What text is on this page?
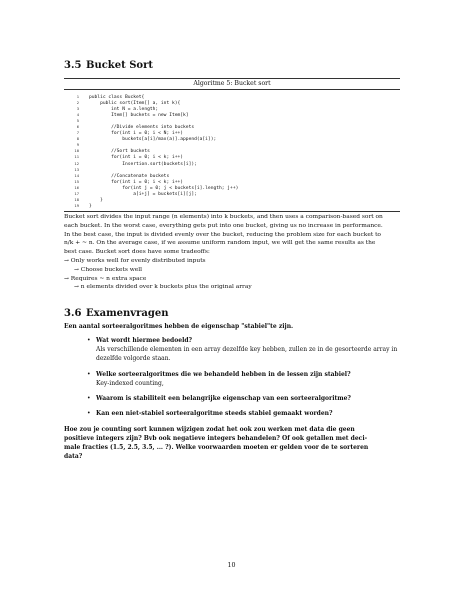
3.5 Bucket Sort
Algoritme 5: Bucket sort
1 public class Bucket{
2    public sort(Item[] a, int k){
3        int N = a.length;
4        Item[] buckets = new Item[k]
5
6        //Divide elements into buckets
7        for(int i = 0; i < N; i++)
8            buckets[a[i]/max(a)].append(a[i]);
9
10        //Sort buckets
11        for(int i = 0; i < k; i++)
12            Insertion.sort(buckets[i]);
13
14        //Concatenate buckets
15        for(int i = 0; i < k; i++)
16            for(int j = 0; j < buckets[i].length; j++)
17                a[i+j] = buckets[i][j];
18    }
19 }
Bucket sort divides the input range (n elements) into k buckets, and then uses a comparison-based sort on
each bucket. In the worst case, everything gets put into one bucket, giving us no increase in performance.
In the best case, the input is divided evenly over the bucket, reducing the problem size for each bucket to
n/k + ~ n. On the average case, if we assume uniform random input, we will get the same results as the
best case. Bucket sort does have some tradeoffs:
→ Only works well for evenly distributed inputs
→ Choose buckets well
→ Requires ~ n extra space
→ n elements divided over k buckets plus the original array
3.6 Examenvragen
Een aantal sorteeralgoritmes hebben de eigenschap "stabiel"te zijn.
• Wat wordt hiermee bedoeld?
Als verschillende elementen in een array dezelfde key hebben, zullen ze in de gesorteerde array in
dezelfde volgorde staan.
• Welke sorteeralgoritmes die we behandeld hebben in de lessen zijn stabiel?
Key-indexed counting,
• Waarom is stabiliteit een belangrijke eigenschap van een sorteeralgoritme?
• Kan een niet-stabiel sorteeralgoritme steeds stabiel gemaakt worden?
Hoe zou je counting sort kunnen wijzigen zodat het ook zou werken met data die geen
positieve integers zijn? Bvb ook negatieve integers behandelen? Of ook getallen met deci-
male fracties (1.5, 2.5, 3.5, ... ?). Welke voorwaarden moeten er gelden voor de te sorteren
data?
10
